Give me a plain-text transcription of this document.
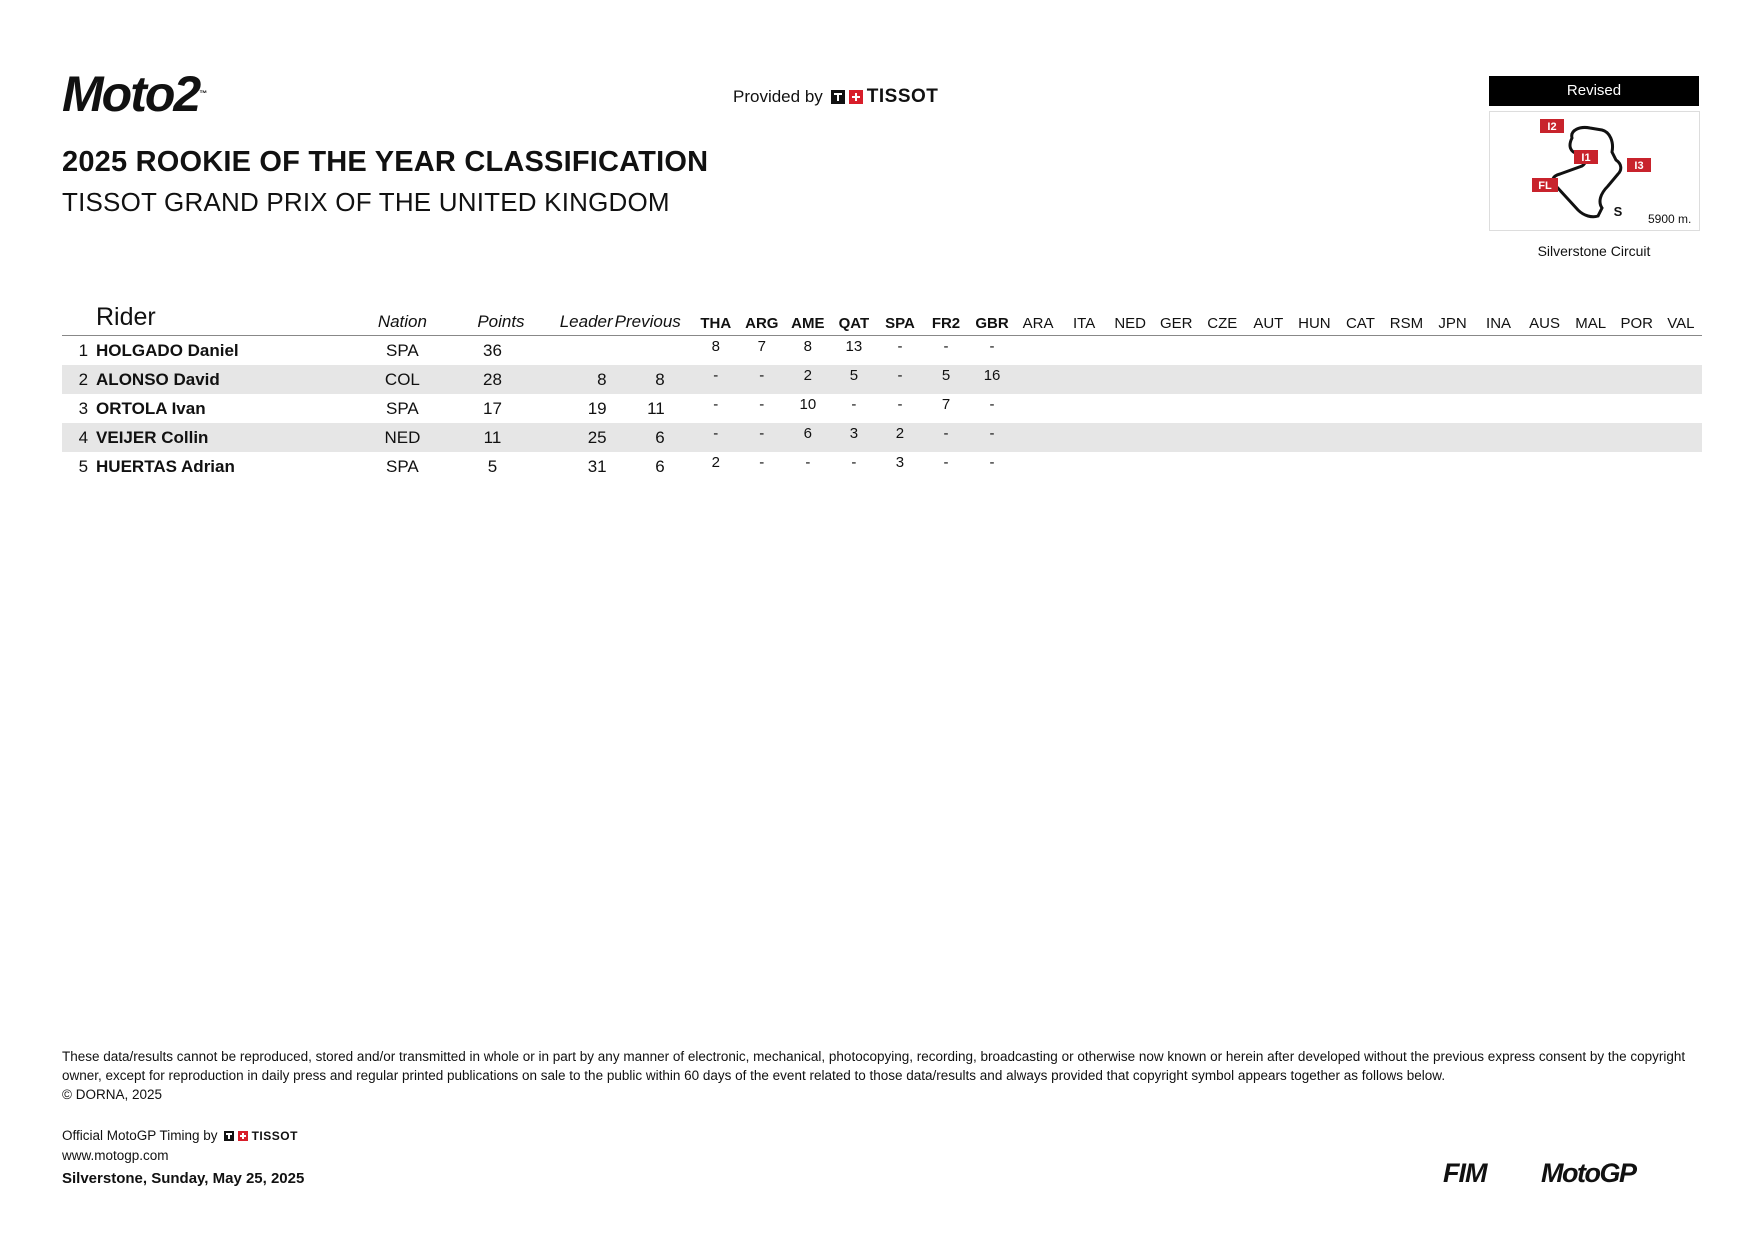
Moto2™	Provided by TISSOT
2025 ROOKIE OF THE YEAR CLASSIFICATION
TISSOT GRAND PRIX OF THE UNITED KINGDOM
Revised
I2
I1
I3
FL
S 5900 m.
Silverstone Circuit
Rider		Nation	Points	Leader	Previous	THA	ARG	AME	QAT	SPA	FR2	GBR	ARA	ITA	NED	GER	CZE	AUT	HUN	CAT	RSM	JPN	INA	AUS	MAL	POR	VAL
1	HOLGADO Daniel	SPA	36			8	7	8	13	-	-	-															
2	ALONSO David	COL	28	8	8	-	-	2	5	-	5	16															
3	ORTOLA Ivan	SPA	17	19	11	-	-	10	-	-	7	-															
4	VEIJER Collin	NED	11	25	6	-	-	6	3	2	-	-															
5	HUERTAS Adrian	SPA	5	31	6	2	-	-	-	3	-	-															
These data/results cannot be reproduced, stored and/or transmitted in whole or in part by any manner of electronic, mechanical, photocopying, recording, broadcasting or otherwise now known or herein after developed without the previous express consent by the copyright owner, except for reproduction in daily press and regular printed publications on sale to the public within 60 days of the event related to those data/results and always provided that copyright symbol appears together as follows below.
© DORNA, 2025
Official MotoGP Timing by	TISSOT
www.motogp.com
Silverstone, Sunday, May 25, 2025	FIM MotoGP
